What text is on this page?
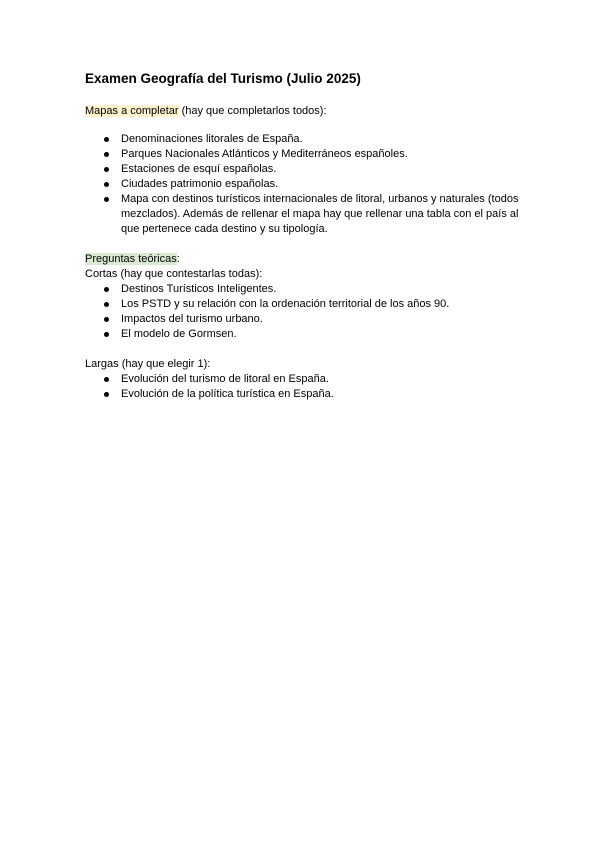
Examen Geografía del Turismo (Julio 2025)

Mapas a completar (hay que completarlos todos):

Denominaciones litorales de España.
Parques Nacionales Atlánticos y Mediterráneos españoles.
Estaciones de esquí españolas.
Ciudades patrimonio españolas.
Mapa con destinos turísticos internacionales de litoral, urbanos y naturales (todos mezclados). Además de rellenar el mapa hay que rellenar una tabla con el país al que pertenece cada destino y su tipología.

Preguntas teóricas:

Cortas (hay que contestarlas todas):

Destinos Turísticos Inteligentes.
Los PSTD y su relación con la ordenación territorial de los años 90.
Impactos del turismo urbano.
El modelo de Gormsen.

Largas (hay que elegir 1):

Evolución del turismo de litoral en España.
Evolución de la política turística en España.
